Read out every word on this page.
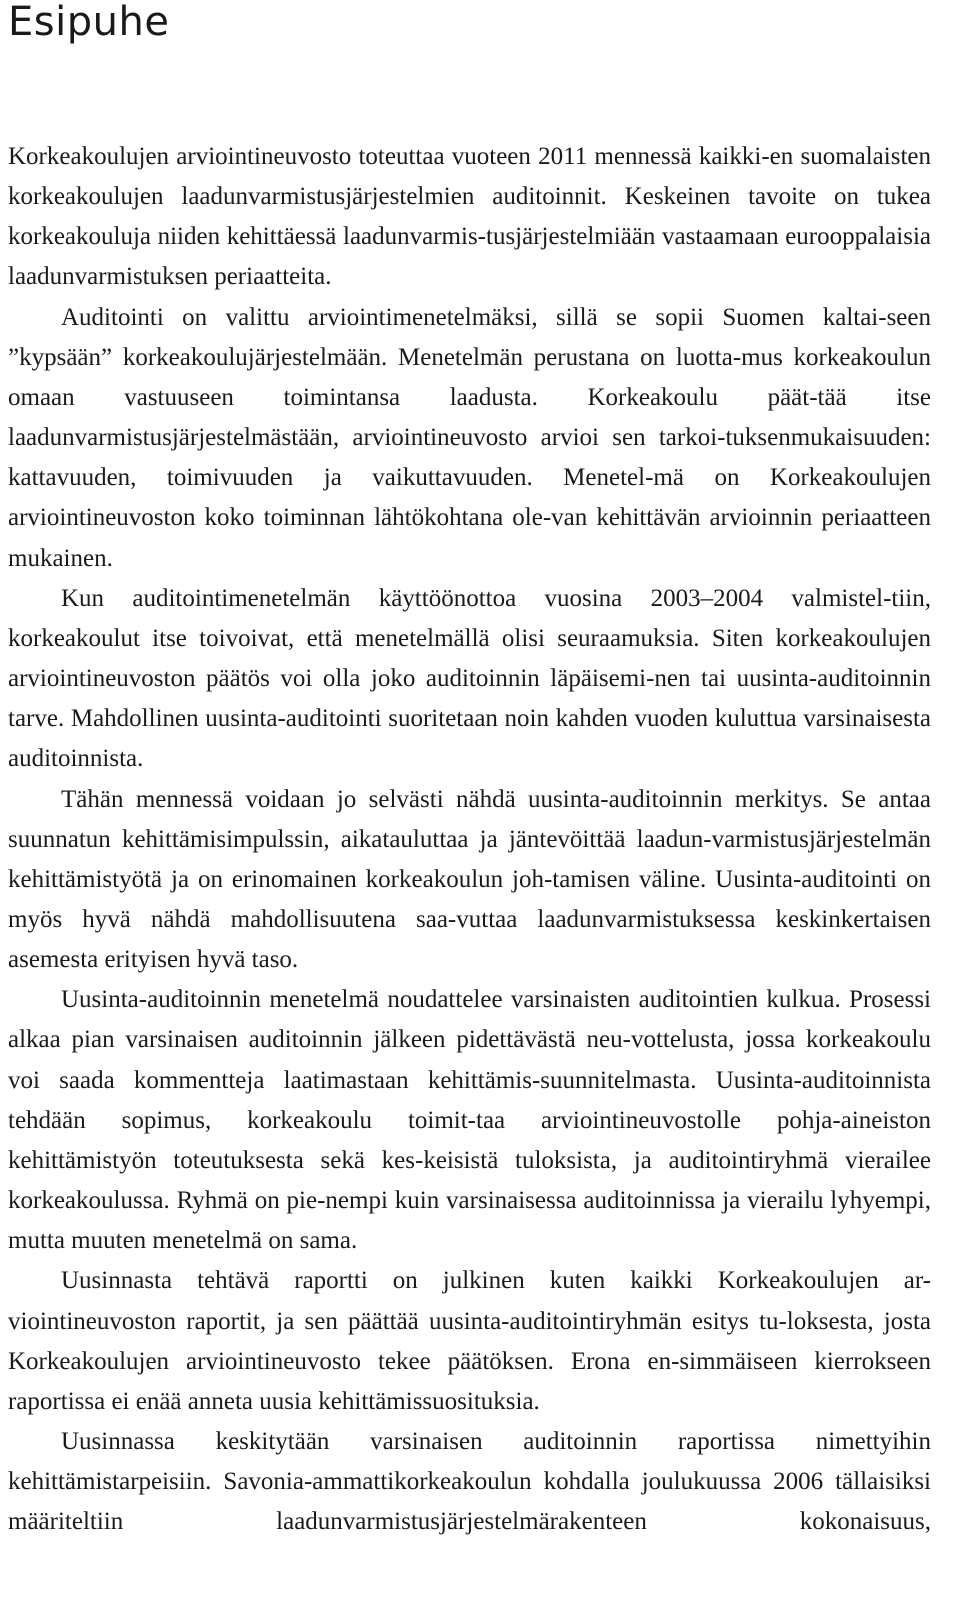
Esipuhe

Korkeakoulujen arviointineuvosto toteuttaa vuoteen 2011 mennessä kaikki-en suomalaisten korkeakoulujen laadunvarmistusjärjestelmien auditoinnit. Keskeinen tavoite on tukea korkeakouluja niiden kehittäessä laadunvarmis-tusjärjestelmiään vastaamaan eurooppalaisia laadunvarmistuksen periaatteita.

Auditointi on valittu arviointimenetelmäksi, sillä se sopii Suomen kaltai-seen ”kypsään” korkeakoulujärjestelmään. Menetelmän perustana on luotta-mus korkeakoulun omaan vastuuseen toimintansa laadusta. Korkeakoulu päät-tää itse laadunvarmistusjärjestelmästään, arviointineuvosto arvioi sen tarkoi-tuksenmukaisuuden: kattavuuden, toimivuuden ja vaikuttavuuden. Menetel-mä on Korkeakoulujen arviointineuvoston koko toiminnan lähtökohtana ole-van kehittävän arvioinnin periaatteen mukainen.

Kun auditointimenetelmän käyttöönottoa vuosina 2003–2004 valmistel-tiin, korkeakoulut itse toivoivat, että menetelmällä olisi seuraamuksia. Siten korkeakoulujen arviointineuvoston päätös voi olla joko auditoinnin läpäisemi-nen tai uusinta-auditoinnin tarve. Mahdollinen uusinta-auditointi suoritetaan noin kahden vuoden kuluttua varsinaisesta auditoinnista.

Tähän mennessä voidaan jo selvästi nähdä uusinta-auditoinnin merkitys. Se antaa suunnatun kehittämisimpulssin, aikatauluttaa ja jäntevöittää laadun-varmistusjärjestelmän kehittämistyötä ja on erinomainen korkeakoulun joh-tamisen väline. Uusinta-auditointi on myös hyvä nähdä mahdollisuutena saa-vuttaa laadunvarmistuksessa keskinkertaisen asemesta erityisen hyvä taso.

Uusinta-auditoinnin menetelmä noudattelee varsinaisten auditointien kulkua. Prosessi alkaa pian varsinaisen auditoinnin jälkeen pidettävästä neu-vottelusta, jossa korkeakoulu voi saada kommentteja laatimastaan kehittämis-suunnitelmasta. Uusinta-auditoinnista tehdään sopimus, korkeakoulu toimit-taa arviointineuvostolle pohja-aineiston kehittämistyön toteutuksesta sekä kes-keisistä tuloksista, ja auditointiryhmä vierailee korkeakoulussa. Ryhmä on pie-nempi kuin varsinaisessa auditoinnissa ja vierailu lyhyempi, mutta muuten menetelmä on sama.

Uusinnasta tehtävä raportti on julkinen kuten kaikki Korkeakoulujen ar-viointineuvoston raportit, ja sen päättää uusinta-auditointiryhmän esitys tu-loksesta, josta Korkeakoulujen arviointineuvosto tekee päätöksen. Erona en-simmäiseen kierrokseen raportissa ei enää anneta uusia kehittämissuosituksia.

Uusinnassa keskitytään varsinaisen auditoinnin raportissa nimettyihin kehittämistarpeisiin. Savonia-ammattikorkeakoulun kohdalla joulukuussa 2006 tällaisiksi määriteltiin laadunvarmistusjärjestelmärakenteen kokonaisuus,
